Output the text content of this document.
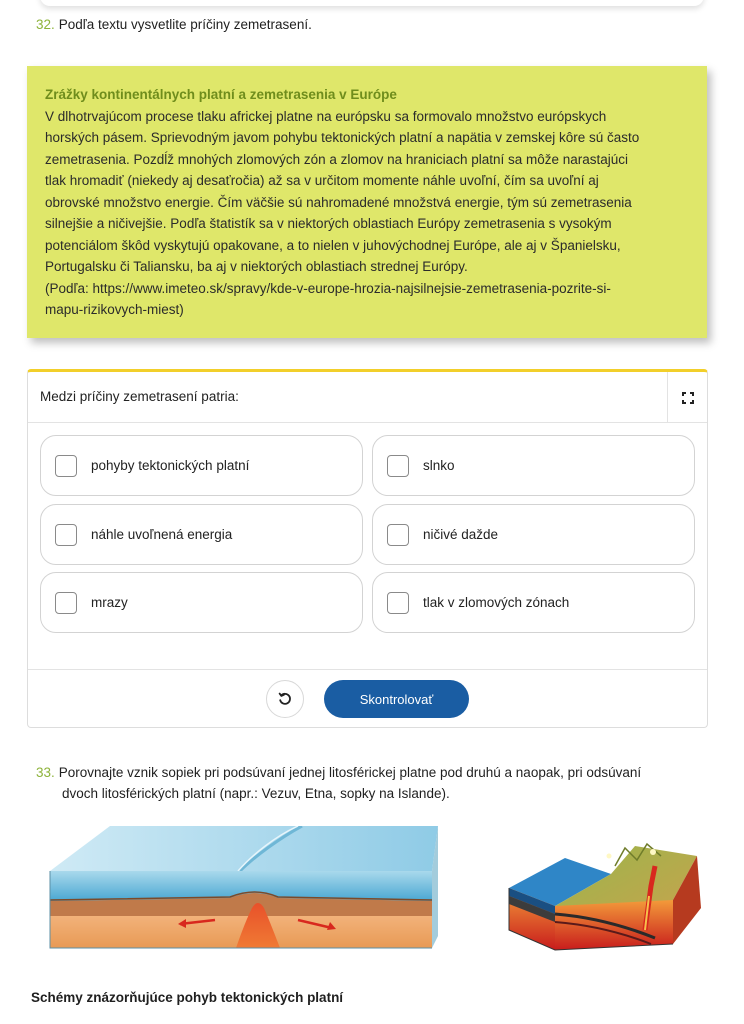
32. Podľa textu vysvetlite príčiny zemetrasení.
Zrážky kontinentálnych platní a zemetrasenia v Európe
V dlhotrvajúcom procese tlaku africkej platne na európsku sa formovalo množstvo európskych
horských pásem. Sprievodným javom pohybu tektonických platní a napätia v zemskej kôre sú často
zemetrasenia. Pozdĺž mnohých zlomových zón a zlomov na hraniciach platní sa môže narastajúci
tlak hromadiť (niekedy aj desaťročia) až sa v určitom momente náhle uvoľní, čím sa uvoľní aj
obrovské množstvo energie. Čím väčšie sú nahromadené množstvá energie, tým sú zemetrasenia
silnejšie a ničivejšie. Podľa štatistík sa v niektorých oblastiach Európy zemetrasenia s vysokým
potenciálom škôd vyskytujú opakovane, a to nielen v juhovýchodnej Európe, ale aj v Španielsku,
Portugalsku či Taliansku, ba aj v niektorých oblastiach strednej Európy.
(Podľa: https://www.imeteo.sk/spravy/kde-v-europe-hrozia-najsilnejsie-zemetrasenia-pozrite-si-
mapu-rizikovych-miest)
Medzi príčiny zemetrasení patria:
pohyby tektonických platní	slnko
náhle uvoľnená energia	ničivé dažde
mrazy	tlak v zlomových zónach
Skontrolovať
33. Porovnajte vznik sopiek pri podsúvaní jednej litosférickej platne pod druhú a naopak, pri odsúvaní
dvoch litosférických platní (napr.: Vezuv, Etna, sopky na Islande).
Schémy znázorňujúce pohyb tektonických platní
